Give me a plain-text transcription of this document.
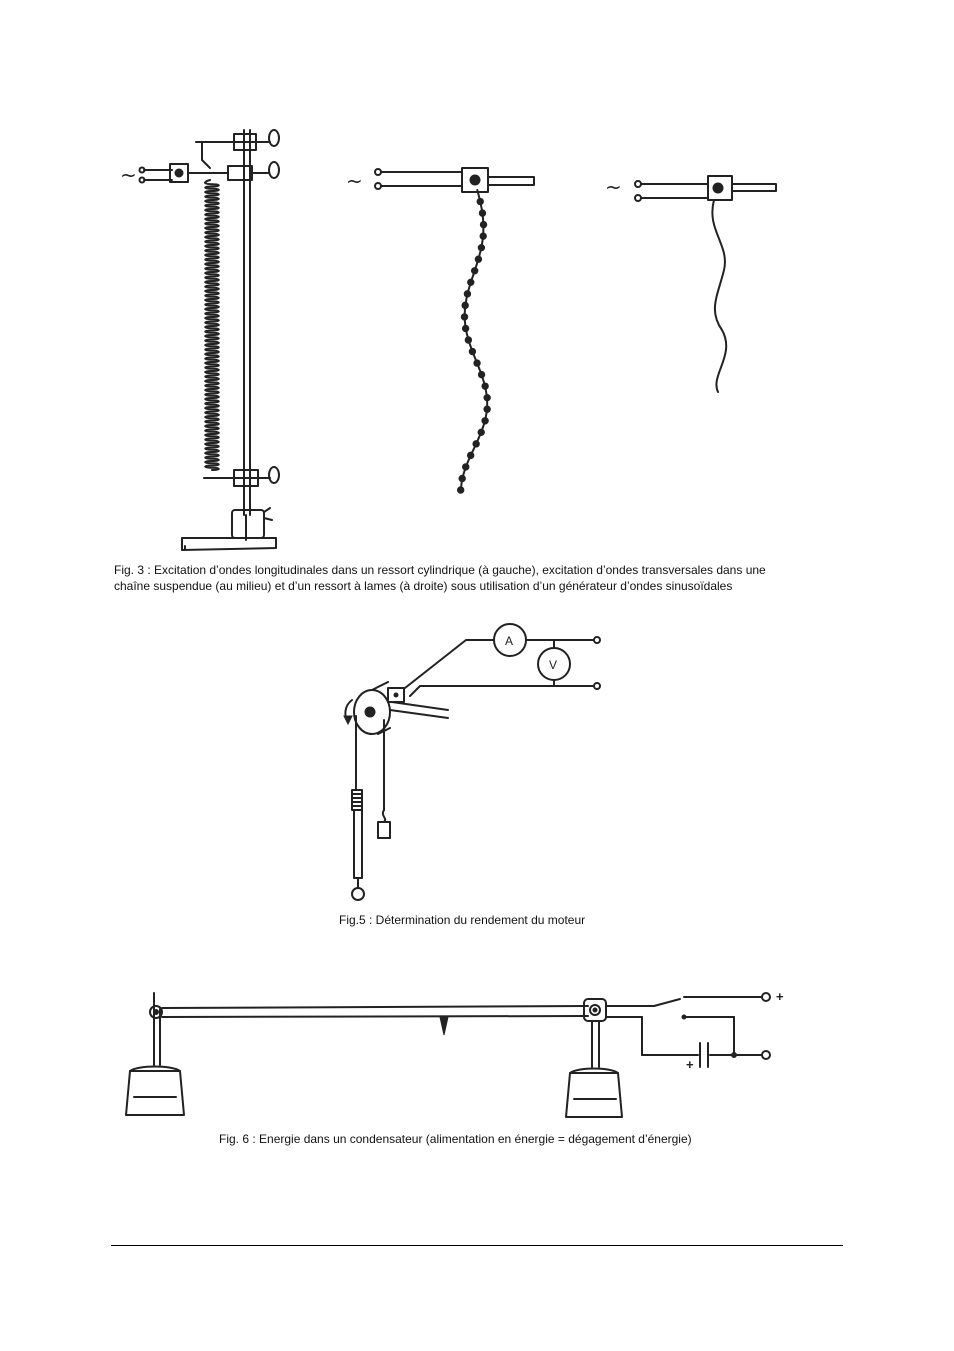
~	~	~
Fig. 3 : Excitation d’ondes longitudinales dans un ressort cylindrique (à gauche), excitation d’ondes transversales dans une
chaîne suspendue (au milieu) et d’un ressort à lames (à droite) sous utilisation d’un générateur d’ondes sinusoïdales
A
V
Fig.5 : Détermination du rendement du moteur
+
+
Fig. 6 : Energie dans un condensateur (alimentation en énergie = dégagement d’énergie)
